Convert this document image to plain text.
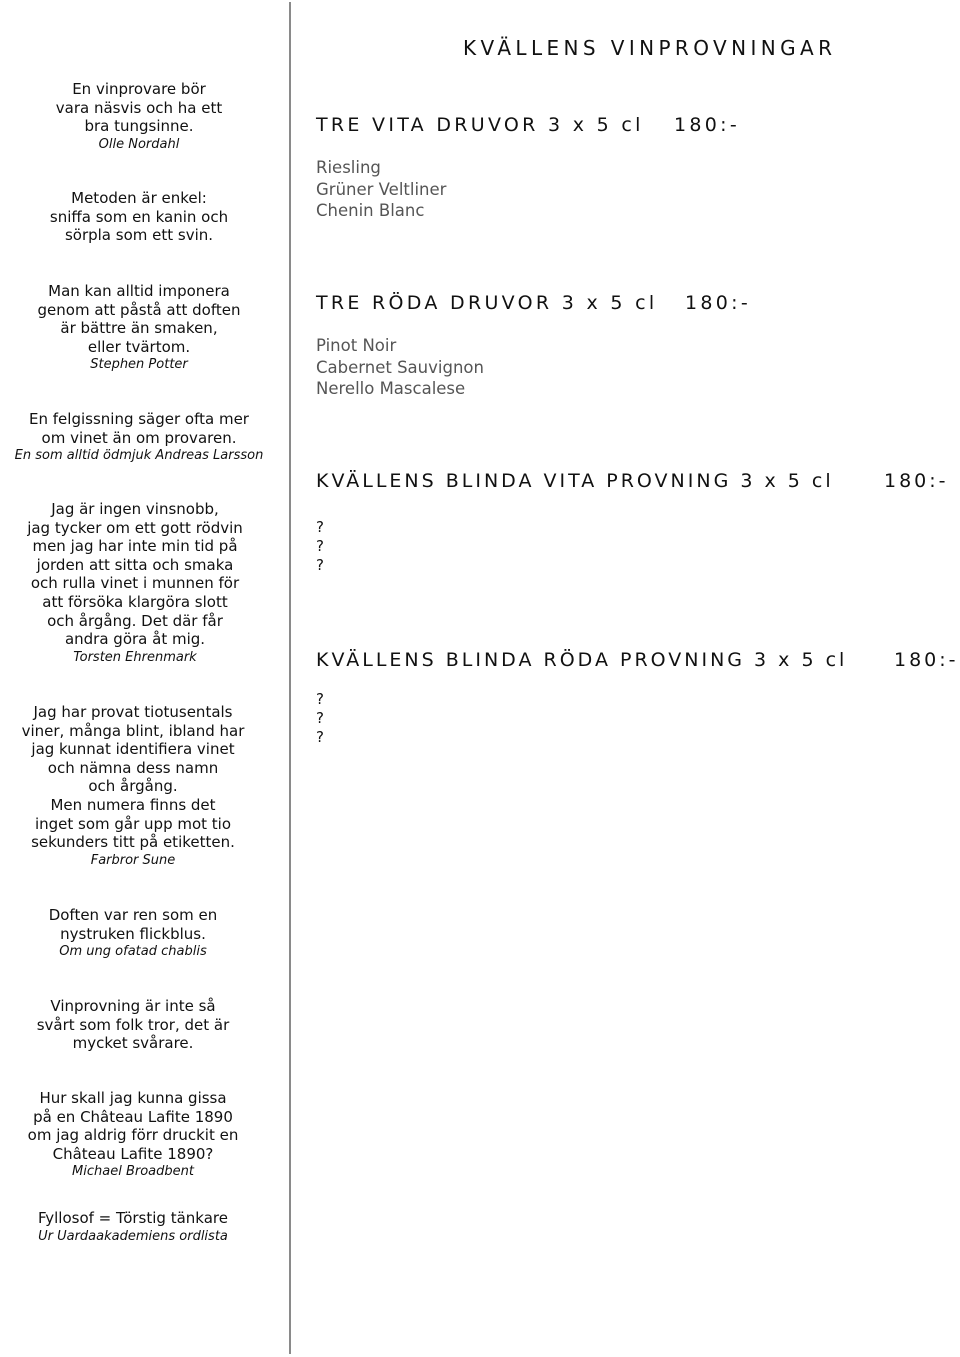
KVÄLLENS VINPROVNINGAR
En vinprovare bör
vara näsvis och ha ett
bra tungsinne.
Olle Nordahl
Metoden är enkel:
sniffa som en kanin och
sörpla som ett svin.
Man kan alltid imponera
genom att påstå att doften
är bättre än smaken,
eller tvärtom.
Stephen Potter
En felgissning säger ofta mer
om vinet än om provaren.
En som alltid ödmjuk Andreas Larsson
Jag är ingen vinsnobb,
jag tycker om ett gott rödvin
men jag har inte min tid på
jorden att sitta och smaka
och rulla vinet i munnen för
att försöka klargöra slott
och årgång. Det där får
andra göra åt mig.
Torsten Ehrenmark
Jag har provat tiotusentals
viner, många blint, ibland har
jag kunnat identifiera vinet
och nämna dess namn
och årgång.
Men numera finns det
inget som går upp mot tio
sekunders titt på etiketten.
Farbror Sune
Doften var ren som en
nystruken flickblus.
Om ung ofatad chablis
Vinprovning är inte så
svårt som folk tror, det är
mycket svårare.
Hur skall jag kunna gissa
på en Château Lafite 1890
om jag aldrig förr druckit en
Château Lafite 1890?
Michael Broadbent
Fyllosof = Törstig tänkare
Ur Uardaakademiens ordlista
TRE VITA DRUVOR 3 x 5 cl 180:-
Riesling
Grüner Veltliner
Chenin Blanc
TRE RÖDA DRUVOR 3 x 5 cl 180:-
Pinot Noir
Cabernet Sauvignon
Nerello Mascalese
KVÄLLENS BLINDA VITA PROVNING 3 x 5 cl	180:-
?
?
?
KVÄLLENS BLINDA RÖDA PROVNING 3 x 5 cl 180:-
?
?
?
